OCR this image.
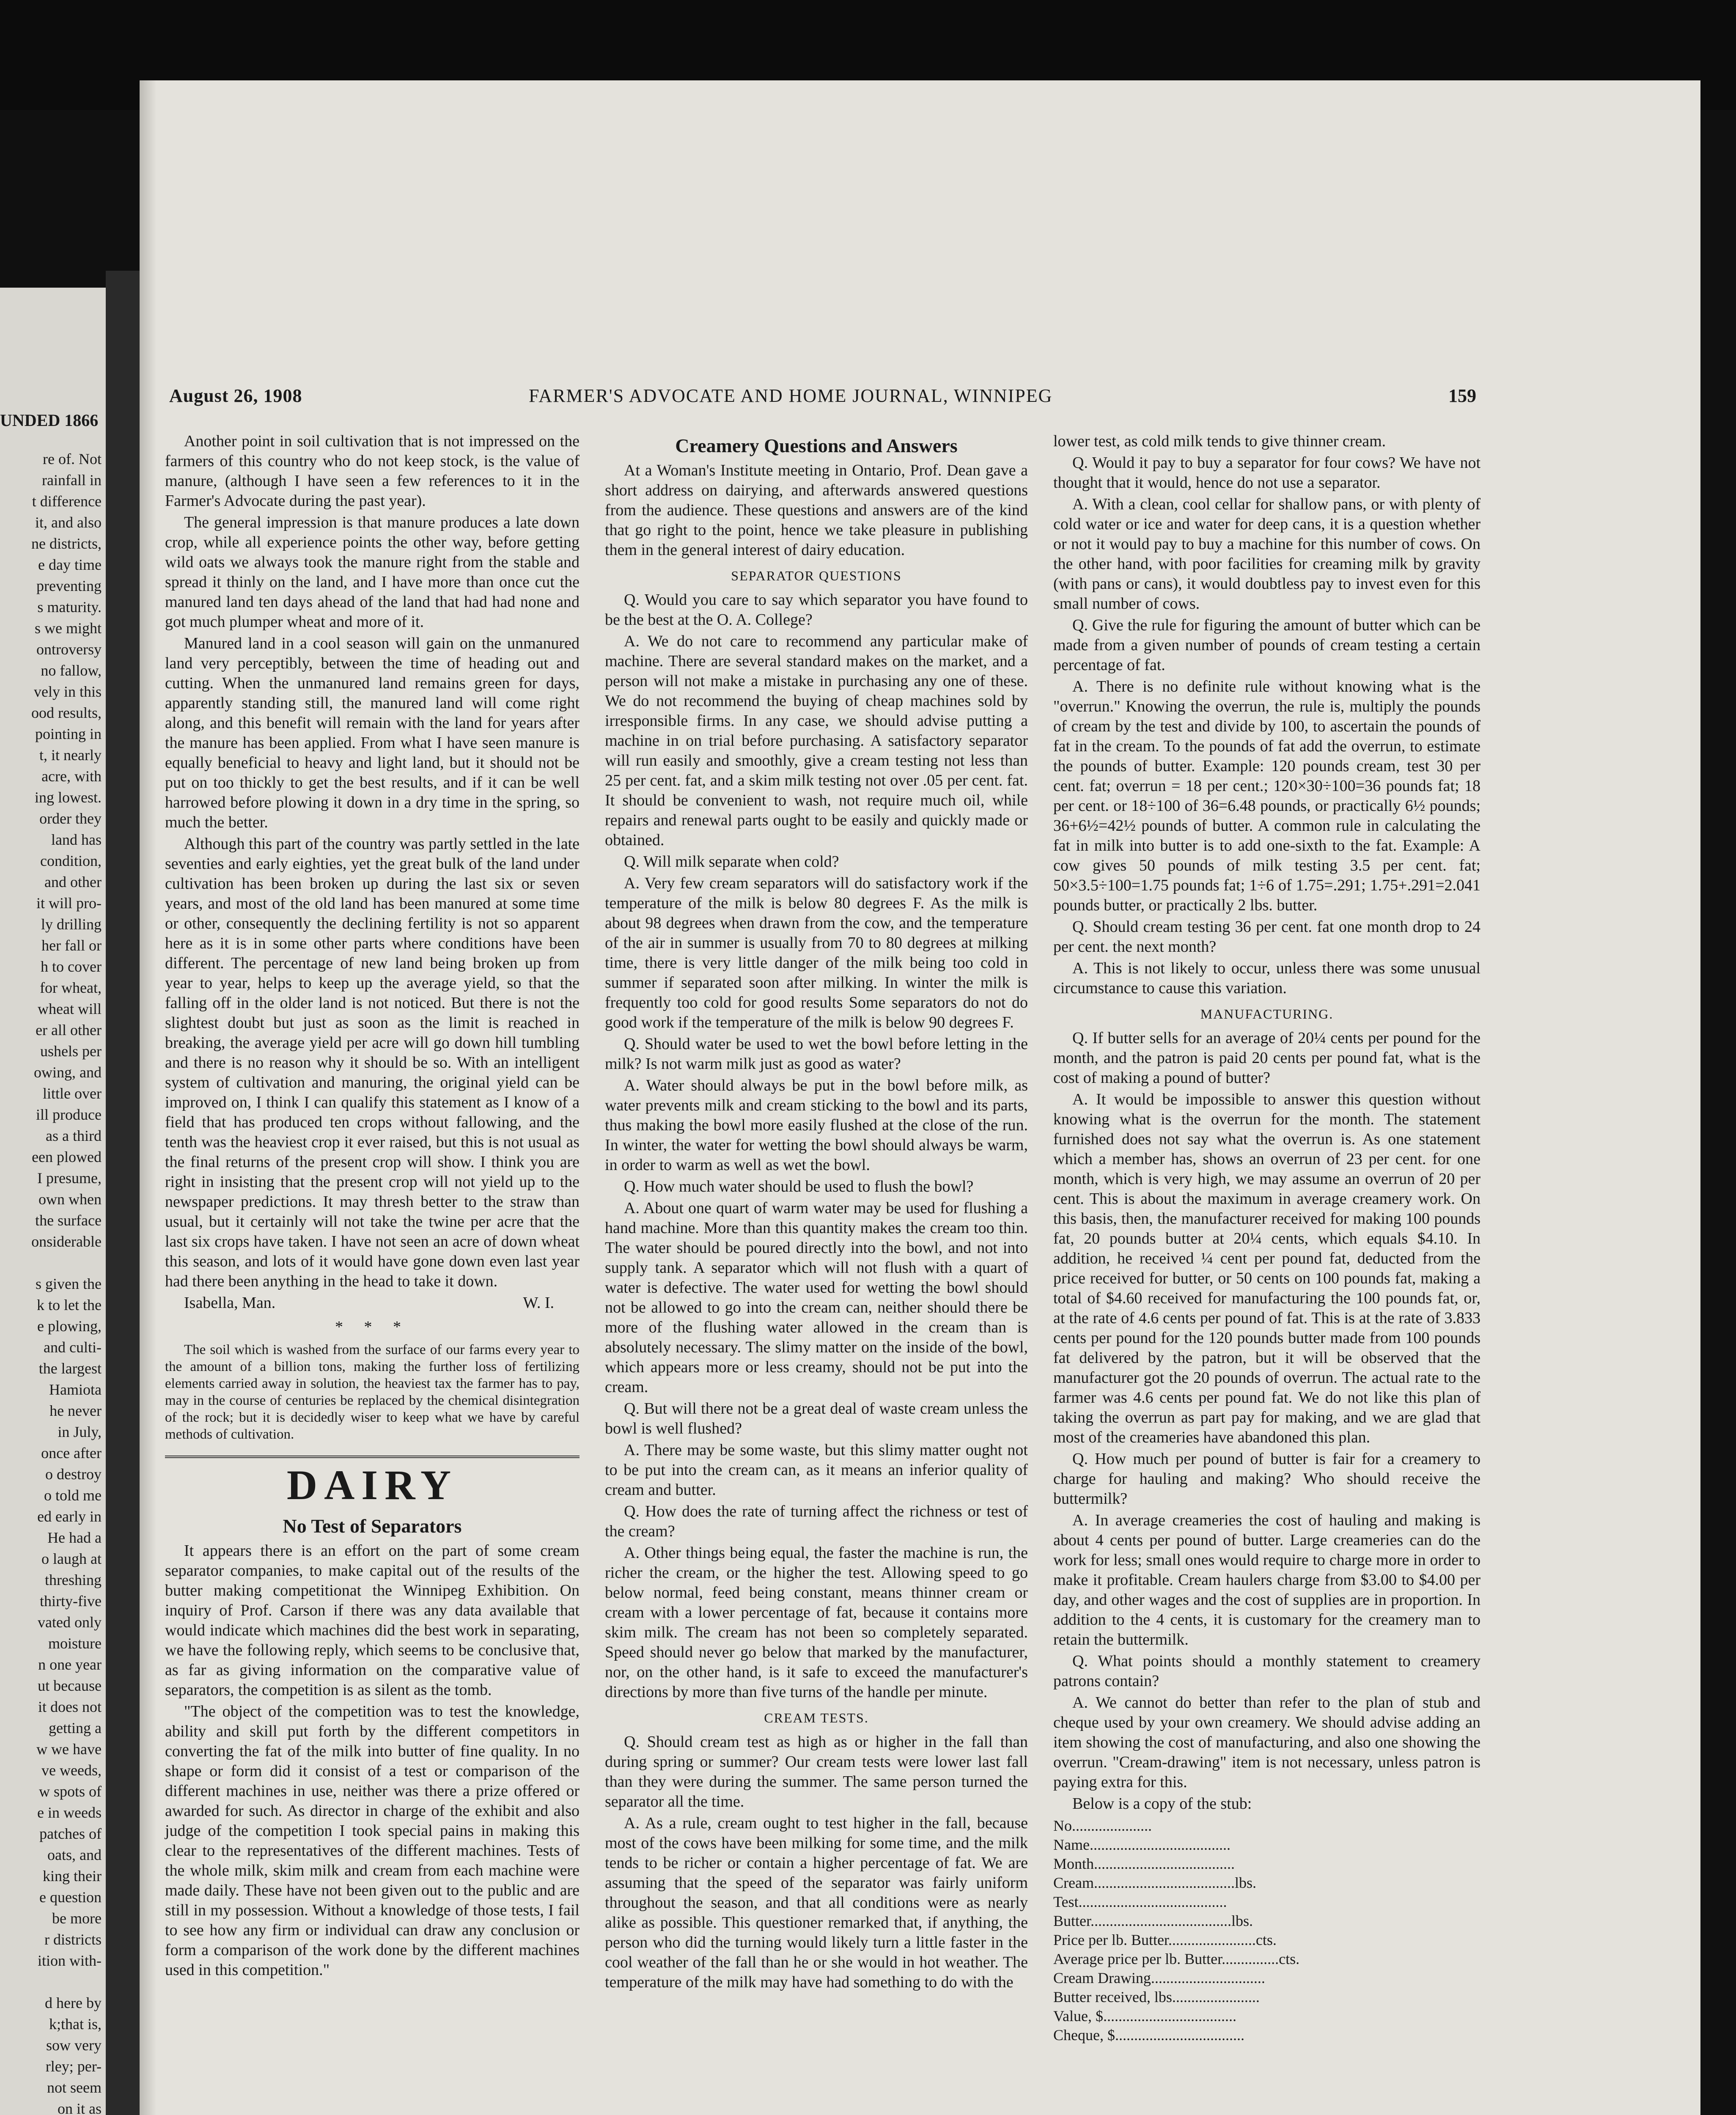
UNDED 1866
re of. Not
rainfall in
t difference
it, and also
ne districts,
e day time
preventing
s maturity.
s we might
ontroversy
no fallow,
vely in this
ood results,
pointing in
t, it nearly
acre, with
ing lowest.
order they
land has
condition,
and other
it will pro-
ly drilling
her fall or
h to cover
for wheat,
wheat will
er all other
ushels per
owing, and
little over
ill produce
as a third
een plowed
I presume,
own when
the surface
onsiderable

s given the
k to let the
e plowing,
and culti-
the largest
Hamiota
he never
in July,
once after
o destroy
o told me
ed early in
He had a
o laugh at
threshing
thirty-five
vated only
moisture
n one year
ut because
it does not
getting a
w we have
ve weeds,
w spots of
e in weeds
patches of
oats, and
king their
e question
be more
r districts
ition with-

d here by
k;that is,
sow very
rley; per-
not seem
on it as
August 26, 1908	FARMER'S ADVOCATE AND HOME JOURNAL, WINNIPEG	159

Another point in soil cultivation that is not impressed on the farmers of this country who do not keep stock, is the value of manure, (although I have seen a few references to it in the Farmer's Advocate during the past year).

The general impression is that manure produces a late down crop, while all experience points the other way, before getting wild oats we always took the manure right from the stable and spread it thinly on the land, and I have more than once cut the manured land ten days ahead of the land that had had none and got much plumper wheat and more of it.

Manured land in a cool season will gain on the unmanured land very perceptibly, between the time of heading out and cutting. When the unmanured land remains green for days, apparently standing still, the manured land will come right along, and this benefit will remain with the land for years after the manure has been applied. From what I have seen manure is equally beneficial to heavy and light land, but it should not be put on too thickly to get the best results, and if it can be well harrowed before plowing it down in a dry time in the spring, so much the better.

Although this part of the country was partly settled in the late seventies and early eighties, yet the great bulk of the land under cultivation has been broken up during the last six or seven years, and most of the old land has been manured at some time or other, consequently the declining fertility is not so apparent here as it is in some other parts where conditions have been different. The percentage of new land being broken up from year to year, helps to keep up the average yield, so that the falling off in the older land is not noticed. But there is not the slightest doubt but just as soon as the limit is reached in breaking, the average yield per acre will go down hill tumbling and there is no reason why it should be so. With an intelligent system of cultivation and manuring, the original yield can be improved on, I think I can qualify this statement as I know of a field that has produced ten crops without fallowing, and the tenth was the heaviest crop it ever raised, but this is not usual as the final returns of the present crop will show. I think you are right in insisting that the present crop will not yield up to the newspaper predictions. It may thresh better to the straw than usual, but it certainly will not take the twine per acre that the last six crops have taken. I have not seen an acre of down wheat this season, and lots of it would have gone down even last year had there been anything in the head to take it down.

Isabella, Man.	W. I.
* * *

The soil which is washed from the surface of our farms every year to the amount of a billion tons, making the further loss of fertilizing elements carried away in solution, the heaviest tax the farmer has to pay, may in the course of centuries be replaced by the chemical disintegration of the rock; but it is decidedly wiser to keep what we have by careful methods of cultivation.

DAIRY
No Test of Separators

It appears there is an effort on the part of some cream separator companies, to make capital out of the results of the butter making competitionat the Winnipeg Exhibition. On inquiry of Prof. Carson if there was any data available that would indicate which machines did the best work in separating, we have the following reply, which seems to be conclusive that, as far as giving information on the comparative value of separators, the competition is as silent as the tomb.

"The object of the competition was to test the knowledge, ability and skill put forth by the different competitors in converting the fat of the milk into butter of fine quality. In no shape or form did it consist of a test or comparison of the different machines in use, neither was there a prize offered or awarded for such. As director in charge of the exhibit and also judge of the competition I took special pains in making this clear to the representatives of the different machines. Tests of the whole milk, skim milk and cream from each machine were made daily. These have not been given out to the public and are still in my possession. Without a knowledge of those tests, I fail to see how any firm or individual can draw any conclusion or form a comparison of the work done by the different machines used in this competition."

Creamery Questions and Answers

At a Woman's Institute meeting in Ontario, Prof. Dean gave a short address on dairying, and afterwards answered questions from the audience. These questions and answers are of the kind that go right to the point, hence we take pleasure in publishing them in the general interest of dairy education.

SEPARATOR QUESTIONS

Q. Would you care to say which separator you have found to be the best at the O. A. College?

A. We do not care to recommend any particular make of machine. There are several standard makes on the market, and a person will not make a mistake in purchasing any one of these. We do not recommend the buying of cheap machines sold by irresponsible firms. In any case, we should advise putting a machine in on trial before purchasing. A satisfactory separator will run easily and smoothly, give a cream testing not less than 25 per cent. fat, and a skim milk testing not over .05 per cent. fat. It should be convenient to wash, not require much oil, while repairs and renewal parts ought to be easily and quickly made or obtained.

Q. Will milk separate when cold?

A. Very few cream separators will do satisfactory work if the temperature of the milk is below 80 degrees F. As the milk is about 98 degrees when drawn from the cow, and the temperature of the air in summer is usually from 70 to 80 degrees at milking time, there is very little danger of the milk being too cold in summer if separated soon after milking. In winter the milk is frequently too cold for good results Some separators do not do good work if the temperature of the milk is below 90 degrees F.

Q. Should water be used to wet the bowl before letting in the milk? Is not warm milk just as good as water?

A. Water should always be put in the bowl before milk, as water prevents milk and cream sticking to the bowl and its parts, thus making the bowl more easily flushed at the close of the run. In winter, the water for wetting the bowl should always be warm, in order to warm as well as wet the bowl.

Q. How much water should be used to flush the bowl?

A. About one quart of warm water may be used for flushing a hand machine. More than this quantity makes the cream too thin. The water should be poured directly into the bowl, and not into supply tank. A separator which will not flush with a quart of water is defective. The water used for wetting the bowl should not be allowed to go into the cream can, neither should there be more of the flushing water allowed in the cream than is absolutely necessary. The slimy matter on the inside of the bowl, which appears more or less creamy, should not be put into the cream.

Q. But will there not be a great deal of waste cream unless the bowl is well flushed?

A. There may be some waste, but this slimy matter ought not to be put into the cream can, as it means an inferior quality of cream and butter.

Q. How does the rate of turning affect the richness or test of the cream?

A. Other things being equal, the faster the machine is run, the richer the cream, or the higher the test. Allowing speed to go below normal, feed being constant, means thinner cream or cream with a lower percentage of fat, because it contains more skim milk. The cream has not been so completely separated. Speed should never go below that marked by the manufacturer, nor, on the other hand, is it safe to exceed the manufacturer's directions by more than five turns of the handle per minute.

CREAM TESTS.

Q. Should cream test as high as or higher in the fall than during spring or summer? Our cream tests were lower last fall than they were during the summer. The same person turned the separator all the time.

A. As a rule, cream ought to test higher in the fall, because most of the cows have been milking for some time, and the milk tends to be richer or contain a higher percentage of fat. We are assuming that the speed of the separator was fairly uniform throughout the season, and that all conditions were as nearly alike as possible. This questioner remarked that, if anything, the person who did the turning would likely turn a little faster in the cool weather of the fall than he or she would in hot weather. The temperature of the milk may have had something to do with the

lower test, as cold milk tends to give thinner cream.

Q. Would it pay to buy a separator for four cows? We have not thought that it would, hence do not use a separator.

A. With a clean, cool cellar for shallow pans, or with plenty of cold water or ice and water for deep cans, it is a question whether or not it would pay to buy a machine for this number of cows. On the other hand, with poor facilities for creaming milk by gravity (with pans or cans), it would doubtless pay to invest even for this small number of cows.

Q. Give the rule for figuring the amount of butter which can be made from a given number of pounds of cream testing a certain percentage of fat.

A. There is no definite rule without knowing what is the "overrun." Knowing the overrun, the rule is, multiply the pounds of cream by the test and divide by 100, to ascertain the pounds of fat in the cream. To the pounds of fat add the overrun, to estimate the pounds of butter. Example: 120 pounds cream, test 30 per cent. fat; overrun = 18 per cent.; 120×30÷100=36 pounds fat; 18 per cent. or 18÷100 of 36=6.48 pounds, or practically 6½ pounds; 36+6½=42½ pounds of butter. A common rule in calculating the fat in milk into butter is to add one-sixth to the fat. Example: A cow gives 50 pounds of milk testing 3.5 per cent. fat; 50×3.5÷100=1.75 pounds fat; 1÷6 of 1.75=.291; 1.75+.291=2.041 pounds butter, or practically 2 lbs. butter.

Q. Should cream testing 36 per cent. fat one month drop to 24 per cent. the next month?

A. This is not likely to occur, unless there was some unusual circumstance to cause this variation.

MANUFACTURING.

Q. If butter sells for an average of 20¼ cents per pound for the month, and the patron is paid 20 cents per pound fat, what is the cost of making a pound of butter?

A. It would be impossible to answer this question without knowing what is the overrun for the month. The statement furnished does not say what the overrun is. As one statement which a member has, shows an overrun of 23 per cent. for one month, which is very high, we may assume an overrun of 20 per cent. This is about the maximum in average creamery work. On this basis, then, the manufacturer received for making 100 pounds fat, 20 pounds butter at 20¼ cents, which equals $4.10. In addition, he received ¼ cent per pound fat, deducted from the price received for butter, or 50 cents on 100 pounds fat, making a total of $4.60 received for manufacturing the 100 pounds fat, or, at the rate of 4.6 cents per pound of fat. This is at the rate of 3.833 cents per pound for the 120 pounds butter made from 100 pounds fat delivered by the patron, but it will be observed that the manufacturer got the 20 pounds of overrun. The actual rate to the farmer was 4.6 cents per pound fat. We do not like this plan of taking the overrun as part pay for making, and we are glad that most of the creameries have abandoned this plan.

Q. How much per pound of butter is fair for a creamery to charge for hauling and making? Who should receive the buttermilk?

A. In average creameries the cost of hauling and making is about 4 cents per pound of butter. Large creameries can do the work for less; small ones would require to charge more in order to make it profitable. Cream haulers charge from $3.00 to $4.00 per day, and other wages and the cost of supplies are in proportion. In addition to the 4 cents, it is customary for the creamery man to retain the buttermilk.

Q. What points should a monthly statement to creamery patrons contain?

A. We cannot do better than refer to the plan of stub and cheque used by your own creamery. We should advise adding an item showing the cost of manufacturing, and also one showing the overrun. "Cream-drawing" item is not necessary, unless patron is paying extra for this.

Below is a copy of the stub:

No.....................
Name.....................................
Month.....................................
Cream.....................................lbs.
Test.......................................
Butter.....................................lbs.
Price per lb. Butter.......................cts.
Average price per lb. Butter...............cts.
Cream Drawing..............................
Butter received, lbs.......................
Value, $...................................
Cheque, $..................................
